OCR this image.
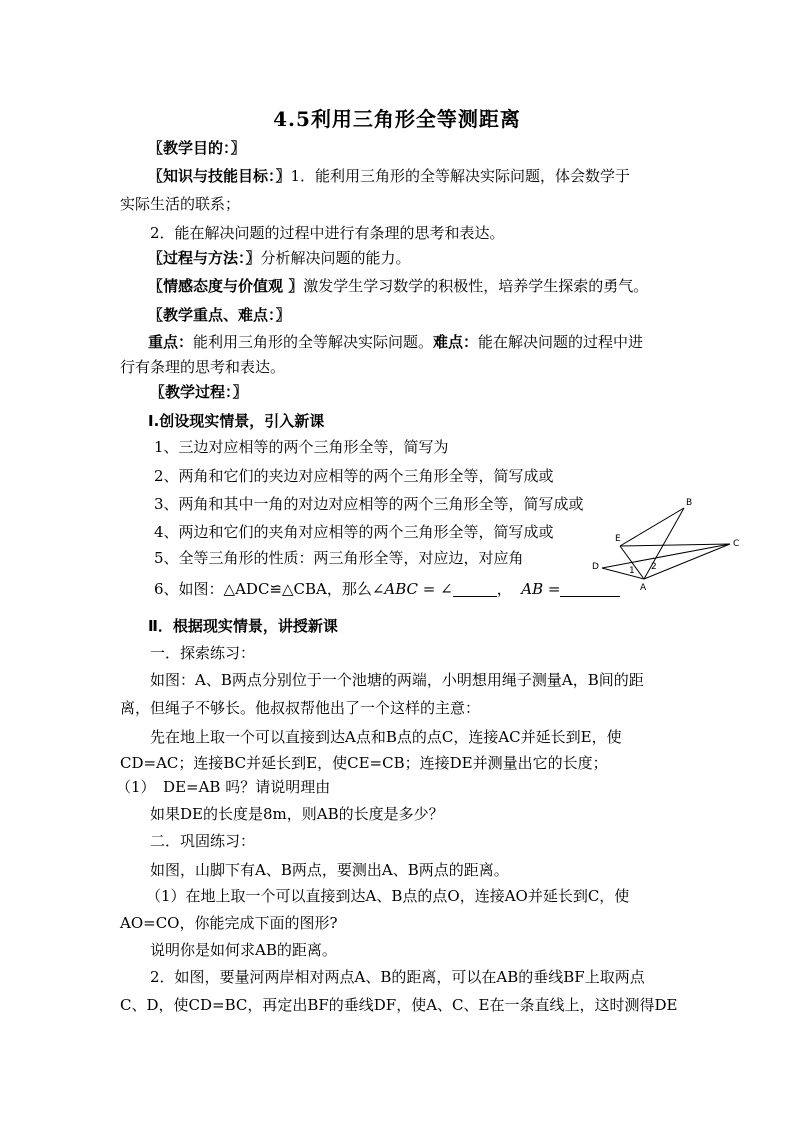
4.5利用三角形全等测距离
〖教学目的：〗
〖知识与技能目标：〗1．能利用三角形的全等解决实际问题，体会数学于
实际生活的联系；
2．能在解决问题的过程中进行有条理的思考和表达。
〖过程与方法：〗分析解决问题的能力。
〖情感态度与价值观 〗激发学生学习数学的积极性，培养学生探索的勇气。
〖教学重点、难点：〗
重点：能利用三角形的全等解决实际问题。难点：能在解决问题的过程中进
行有条理的思考和表达。
〖教学过程：〗
Ⅰ.创设现实情景，引入新课
1、三边对应相等的两个三角形全等，简写为
2、两角和它们的夹边对应相等的两个三角形全等，简写成或
3、两角和其中一角的对边对应相等的两个三角形全等，简写成或
4、两边和它们的夹角对应相等的两个三角形全等，简写成或
5、全等三角形的性质：两三角形全等，对应边，对应角
6、如图：△ADC≌△CBA，那么∠ABC = ∠	， AB =
B
E	C
D	1 2
A
Ⅱ．根据现实情景，讲授新课
一．探索练习：
如图：A、B两点分别位于一个池塘的两端，小明想用绳子测量A，B间的距
离，但绳子不够长。他叔叔帮他出了一个这样的主意：
先在地上取一个可以直接到达A点和B点的点C，连接AC并延长到E，使
CD=AC；连接BC并延长到E，使CE=CB；连接DE并测量出它的长度；
（1）　DE=AB 吗？请说明理由
如果DE的长度是8m，则AB的长度是多少？
二．巩固练习：
如图，山脚下有A、B两点，要测出A、B两点的距离。
（1）在地上取一个可以直接到达A、B点的点O，连接AO并延长到C，使
AO=CO，你能完成下面的图形?
说明你是如何求AB的距离。
2．如图，要量河两岸相对两点A、B的距离，可以在AB的垂线BF上取两点
C、D，使CD=BC，再定出BF的垂线DF，使A、C、E在一条直线上，这时测得DE
